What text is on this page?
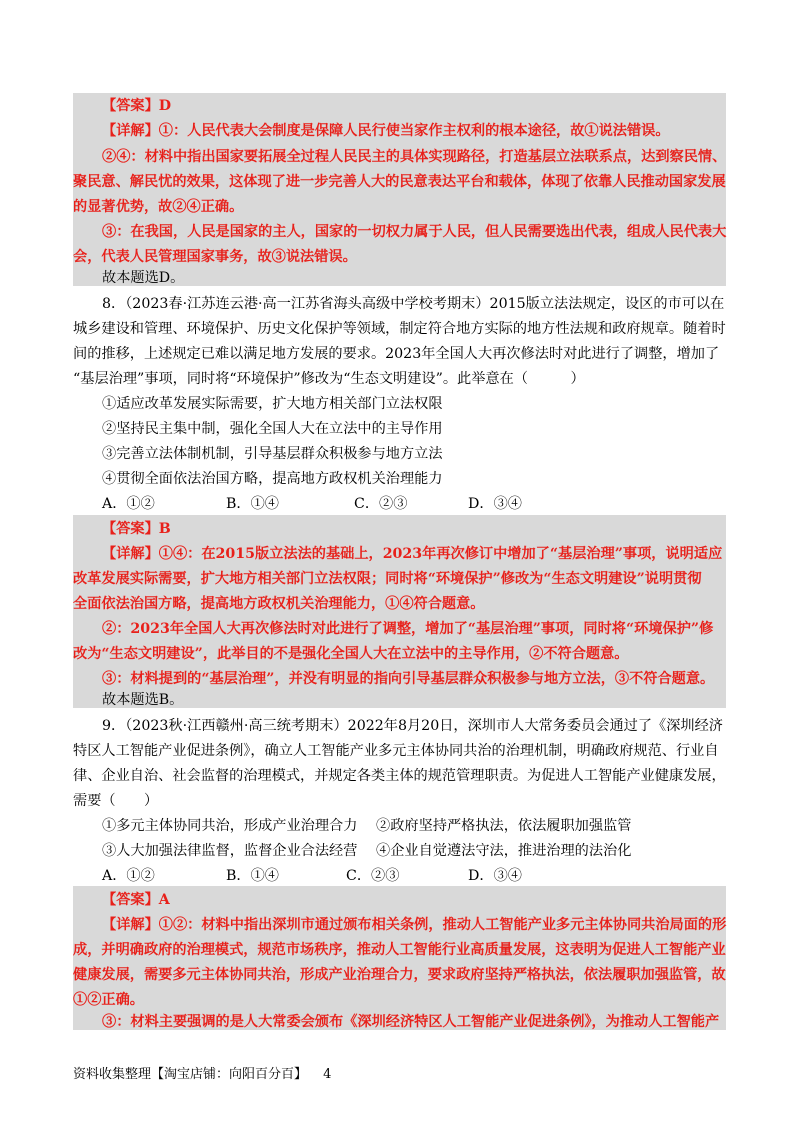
【答案】D
【详解】①：人民代表大会制度是保障人民行使当家作主权利的根本途径，故①说法错误。
②④：材料中指出国家要拓展全过程人民民主的具体实现路径，打造基层立法联系点，达到察民情、
聚民意、解民忧的效果，这体现了进一步完善人大的民意表达平台和载体，体现了依靠人民推动国家发展
的显著优势，故②④正确。
③：在我国，人民是国家的主人，国家的一切权力属于人民，但人民需要选出代表，组成人民代表大
会，代表人民管理国家事务，故③说法错误。
故本题选D。
8．（2023春·江苏连云港·高一江苏省海头高级中学校考期末）2015版立法法规定，设区的市可以在
城乡建设和管理、环境保护、历史文化保护等领域，制定符合地方实际的地方性法规和政府规章。随着时
间的推移，上述规定已难以满足地方发展的要求。2023年全国人大再次修法时对此进行了调整，增加了
“基层治理”事项，同时将“环境保护”修改为“生态文明建设”。此举意在（　　　）
①适应改革发展实际需要，扩大地方相关部门立法权限
②坚持民主集中制，强化全国人大在立法中的主导作用
③完善立法体制机制，引导基层群众积极参与地方立法
④贯彻全面依法治国方略，提高地方政权机关治理能力
A．①②	B．①④	C．②③	D．③④
【答案】B
【详解】①④：在2015版立法法的基础上，2023年再次修订中增加了“基层治理”事项，说明适应
改革发展实际需要，扩大地方相关部门立法权限；同时将“环境保护”修改为“生态文明建设”说明贯彻
全面依法治国方略，提高地方政权机关治理能力，①④符合题意。
②：2023年全国人大再次修法时对此进行了调整，增加了“基层治理”事项，同时将“环境保护”修
改为“生态文明建设”，此举目的不是强化全国人大在立法中的主导作用，②不符合题意。
③：材料提到的“基层治理”，并没有明显的指向引导基层群众积极参与地方立法，③不符合题意。
故本题选B。
9．（2023秋·江西赣州·高三统考期末）2022年8月20日，深圳市人大常务委员会通过了《深圳经济
特区人工智能产业促进条例》，确立人工智能产业多元主体协同共治的治理机制，明确政府规范、行业自
律、企业自治、社会监督的治理模式，并规定各类主体的规范管理职责。为促进人工智能产业健康发展，
需要（　　）
①多元主体协同共治，形成产业治理合力 ②政府坚持严格执法，依法履职加强监管
③人大加强法律监督，监督企业合法经营 ④企业自觉遵法守法，推进治理的法治化
A．①②	B．①④	C．②③	D．③④
【答案】A
【详解】①②：材料中指出深圳市通过颁布相关条例，推动人工智能产业多元主体协同共治局面的形
成，并明确政府的治理模式，规范市场秩序，推动人工智能行业高质量发展，这表明为促进人工智能产业
健康发展，需要多元主体协同共治，形成产业治理合力，要求政府坚持严格执法，依法履职加强监管，故
①②正确。
③：材料主要强调的是人大常委会颁布《深圳经济特区人工智能产业促进条例》，为推动人工智能产
资料收集整理【淘宝店铺：向阳百分百】 4
